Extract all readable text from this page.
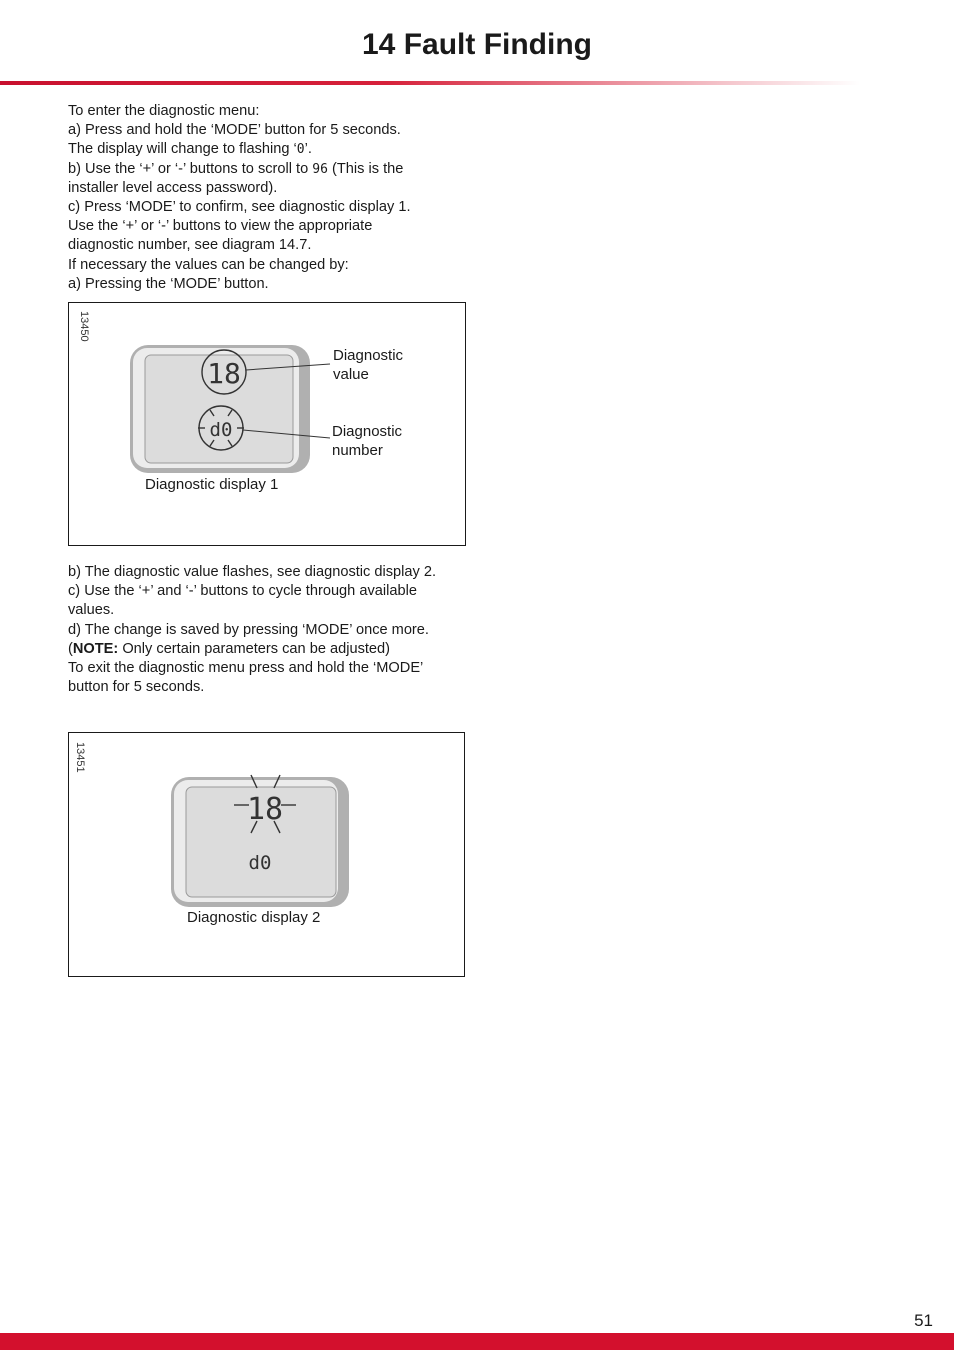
14 Fault Finding
To enter the diagnostic menu:
a) Press and hold the ‘MODE’ button for 5 seconds.
The display will change to flashing ‘0’.
b) Use the ‘+’ or ‘-’ buttons to scroll to 96 (This is the
installer level access password).
c) Press ‘MODE’ to confirm, see diagnostic display 1.
Use the ‘+’ or ‘-’ buttons to view the appropriate
diagnostic number, see diagram 14.7.
If necessary the values can be changed by:
a) Pressing the ‘MODE’ button.
13450
18
d0
Diagnostic
value
Diagnostic
number
Diagnostic display 1
b) The diagnostic value flashes, see diagnostic display 2.
c) Use the ‘+’ and ‘-’ buttons to cycle through available
values.
d) The change is saved by pressing ‘MODE’ once more.
(NOTE: Only certain parameters can be adjusted)
To exit the diagnostic menu press and hold the ‘MODE’
button for 5 seconds.
13451
18
d0
Diagnostic display 2
51
